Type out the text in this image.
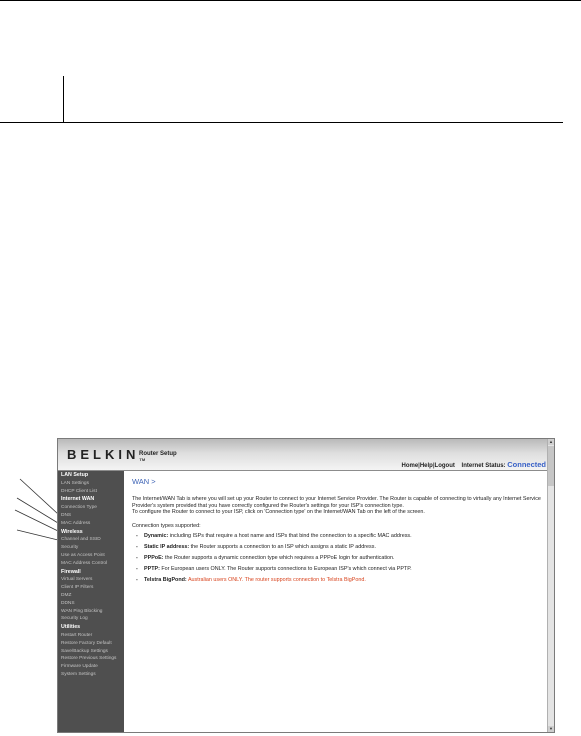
BELKINTM
Router Setup
Home|Help|Logout Internet Status: Connected
LAN Setup
LAN Settings
DHCP Client List
Internet WAN
Connection Type
DNS
MAC Address
Wireless
Channel and SSID
Security
Use as Access Point
MAC Address Control
Firewall
Virtual Servers
Client IP Filters
DMZ
DDNS
WAN Ping Blocking
Security Log
Utilities
Restart Router
Restore Factory Default
Save/Backup Settings
Restore Previous Settings
Firmware Update
System Settings
WAN >

The Internet/WAN Tab is where you will set up your Router to connect to your Internet Service Provider. The Router is capable of connecting to virtually any Internet Service Provider's system provided that you have correctly configured the Router's settings for your ISP's connection type.

To configure the Router to connect to your ISP, click on 'Connection type' on the Internet/WAN Tab on the left of the screen.

Connection types supported:
- Dynamic: including ISPs that require a host name and ISPs that bind the connection to a specific MAC address.
- Static IP address: the Router supports a connection to an ISP which assigns a static IP address.
- PPPoE: the Router supports a dynamic connection type which requires a PPPoE login for authentication.
- PPTP: For European users ONLY. The Router supports connections to European ISP's which connect via PPTP.
- Telstra BigPond: Australian users ONLY. The router supports connection to Telstra BigPond.
▲
▼
